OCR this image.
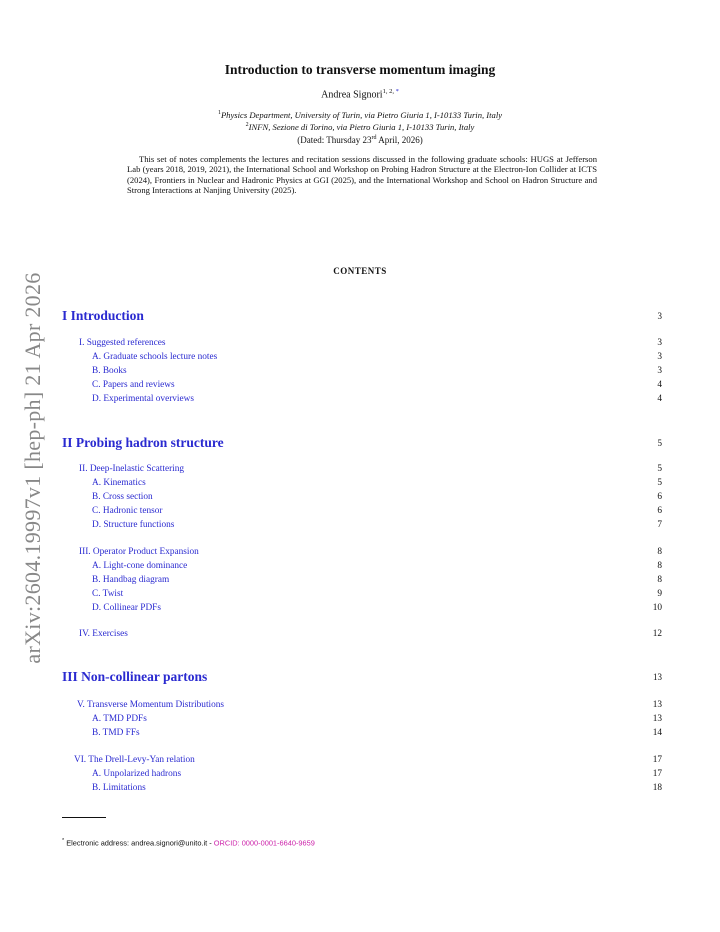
Introduction to transverse momentum imaging
Andrea Signori$^{1, 2,}$ *
$^1$Physics Department, University of Turin, via Pietro Giuria 1, I-10133 Turin, Italy
$^2$INFN, Sezione di Torino, via Pietro Giuria 1, I-10133 Turin, Italy
(Dated: Thursday 23rd April, 2026)
This set of notes complements the lectures and recitation sessions discussed in the following graduate schools: HUGS at Jefferson Lab (years 2018, 2019, 2021), the International School and Workshop on Probing Hadron Structure at the Electron-Ion Collider at ICTS (2024), Frontiers in Nuclear and Hadronic Physics at GGI (2025), and the International Workshop and School on Hadron Structure and Strong Interactions at Nanjing University (2025).
arXiv:2604.19997v1 [hep-ph] 21 Apr 2026
CONTENTS
I Introduction	3
I. Suggested references	3
A. Graduate schools lecture notes	3
B. Books	3
C. Papers and reviews	4
D. Experimental overviews	4
II Probing hadron structure	5
II. Deep-Inelastic Scattering	5
A. Kinematics	5
B. Cross section	6
C. Hadronic tensor	6
D. Structure functions	7
III. Operator Product Expansion	8
A. Light-cone dominance	8
B. Handbag diagram	8
C. Twist	9
D. Collinear PDFs	10
IV. Exercises	12
III Non-collinear partons	13
V. Transverse Momentum Distributions	13
A. TMD PDFs	13
B. TMD FFs	14
VI. The Drell-Levy-Yan relation	17
A. Unpolarized hadrons	17
B. Limitations	18
* Electronic address: andrea.signori@unito.it - ORCID: 0000-0001-6640-9659
